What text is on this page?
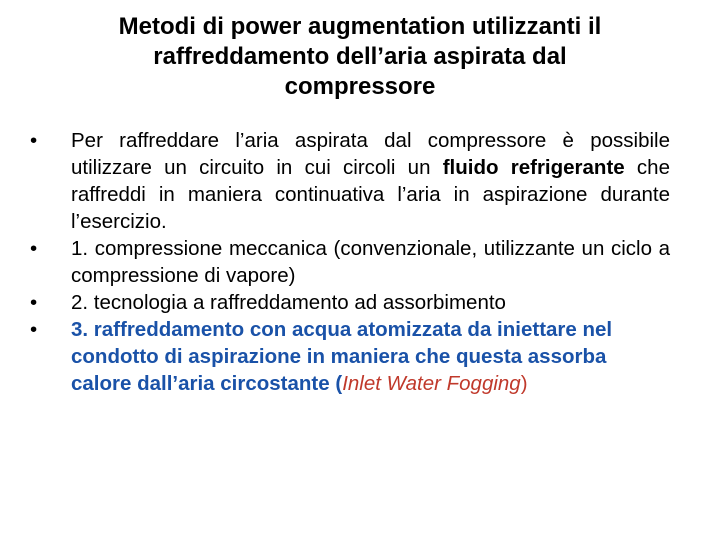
Metodi di power augmentation utilizzanti il
raffreddamento dell’aria aspirata dal
compressore
•	Per raffreddare l’aria aspirata dal compressore è possibile utilizzare un circuito in cui circoli un fluido refrigerante che raffreddi in maniera continuativa l’aria in aspirazione durante l’esercizio.
•	1. compressione meccanica (convenzionale, utilizzante un ciclo a compressione di vapore)
•	2. tecnologia a raffreddamento ad assorbimento
•	3. raffreddamento con acqua atomizzata da iniettare nel condotto di aspirazione in maniera che questa assorba calore dall’aria circostante (Inlet Water Fogging)
